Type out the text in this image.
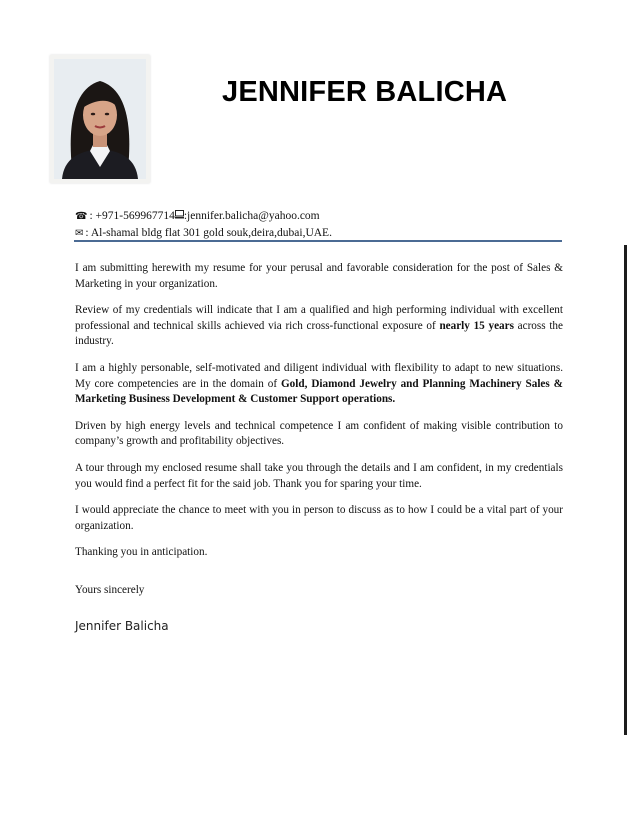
JENNIFER BALICHA
☎ : +971-569967714 :jennifer.balicha@yahoo.com
✉ : Al-shamal bldg flat 301 gold souk,deira,dubai,UAE.

I am submitting herewith my resume for your perusal and favorable consideration for the post of Sales & Marketing in your organization.

Review of my credentials will indicate that I am a qualified and high performing individual with excellent professional and technical skills achieved via rich cross-functional exposure of nearly 15 years across the industry.

I am a highly personable, self-motivated and diligent individual with flexibility to adapt to new situations. My core competencies are in the domain of Gold, Diamond Jewelry and Planning Machinery Sales & Marketing Business Development & Customer Support operations.

Driven by high energy levels and technical competence I am confident of making visible contribution to company’s growth and profitability objectives.

A tour through my enclosed resume shall take you through the details and I am confident, in my credentials you would find a perfect fit for the said job. Thank you for sparing your time.

I would appreciate the chance to meet with you in person to discuss as to how I could be a vital part of your organization.

Thanking you in anticipation.

Yours sincerely

Jennifer Balicha
